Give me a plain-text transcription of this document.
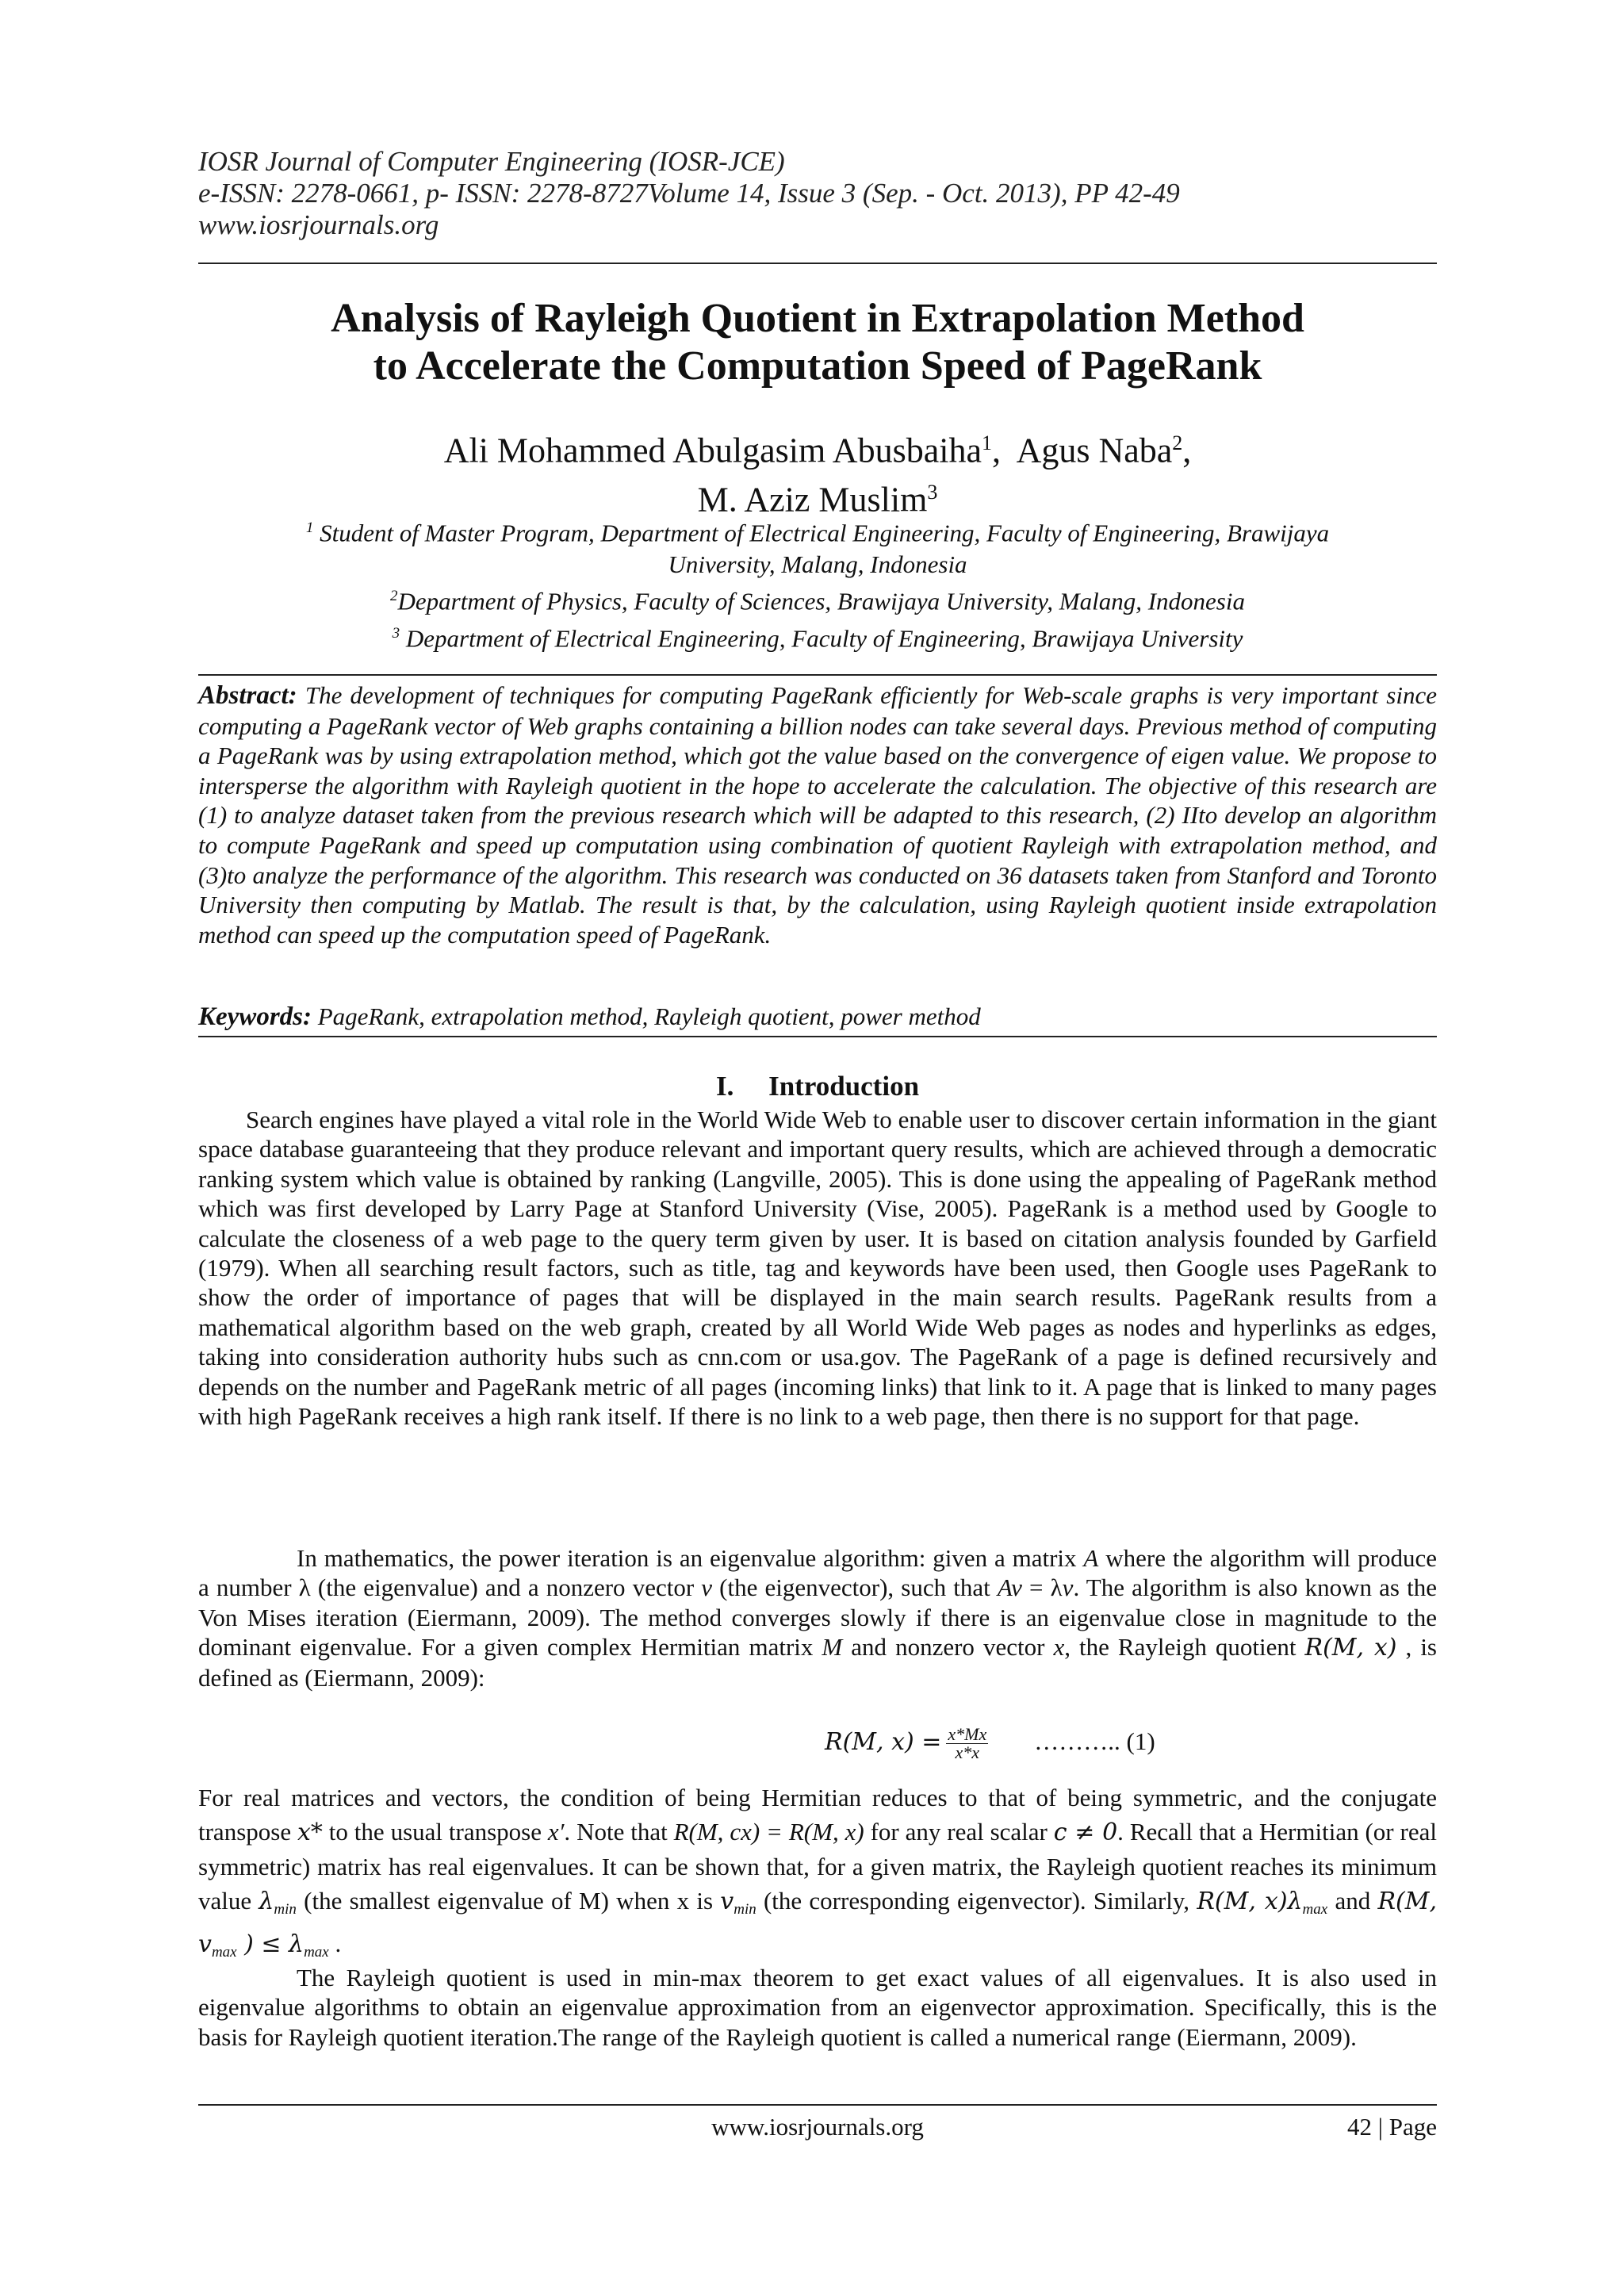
IOSR Journal of Computer Engineering (IOSR-JCE)
e-ISSN: 2278-0661, p- ISSN: 2278-8727Volume 14, Issue 3 (Sep. - Oct. 2013), PP 42-49
www.iosrjournals.org
Analysis of Rayleigh Quotient in Extrapolation Method
to Accelerate the Computation Speed of PageRank
Ali Mohammed Abulgasim Abusbaiha$^1$,  Agus Naba$^2$,
M. Aziz Muslim$^3$
$^1$ Student of Master Program, Department of Electrical Engineering, Faculty of Engineering, Brawijaya
University, Malang, Indonesia
$^2$Department of Physics, Faculty of Sciences, Brawijaya University, Malang, Indonesia
$^3$ Department of Electrical Engineering, Faculty of Engineering, Brawijaya University
Abstract: The development of techniques for computing PageRank efficiently for Web-scale graphs is very important since computing a PageRank vector of Web graphs containing a billion nodes can take several days. Previous method of computing a PageRank was by using extrapolation method, which got the value based on the convergence of eigen value. We propose to intersperse the algorithm with Rayleigh quotient in the hope to accelerate the calculation. The objective of this research are (1) to analyze dataset taken from the previous research which will be adapted to this research, (2) IIto develop an algorithm to compute PageRank and speed up computation using combination of quotient Rayleigh with extrapolation method, and (3)to analyze the performance of the algorithm. This research was conducted on 36 datasets taken from Stanford and Toronto University then computing by Matlab. The result is that, by the calculation, using Rayleigh quotient inside extrapolation method can speed up the computation speed of PageRank.
Keywords: PageRank, extrapolation method, Rayleigh quotient, power method
I. Introduction
Search engines have played a vital role in the World Wide Web to enable user to discover certain information in the giant space database guaranteeing that they produce relevant and important query results, which are achieved through a democratic ranking system which value is obtained by ranking (Langville, 2005). This is done using the appealing of PageRank method which was first developed by Larry Page at Stanford University (Vise, 2005). PageRank is a method used by Google to calculate the closeness of a web page to the query term given by user. It is based on citation analysis founded by Garfield (1979). When all searching result factors, such as title, tag and keywords have been used, then Google uses PageRank to show the order of importance of pages that will be displayed in the main search results. PageRank results from a mathematical algorithm based on the web graph, created by all World Wide Web pages as nodes and hyperlinks as edges, taking into consideration authority hubs such as cnn.com or usa.gov. The PageRank of a page is defined recursively and depends on the number and PageRank metric of all pages (incoming links) that link to it. A page that is linked to many pages with high PageRank receives a high rank itself. If there is no link to a web page, then there is no support for that page.
In mathematics, the power iteration is an eigenvalue algorithm: given a matrix A where the algorithm will produce a number λ (the eigenvalue) and a nonzero vector v (the eigenvector), such that Av = λv. The algorithm is also known as the Von Mises iteration (Eiermann, 2009). The method converges slowly if there is an eigenvalue close in magnitude to the dominant eigenvalue. For a given complex Hermitian matrix M and nonzero vector x, the Rayleigh quotient R(M, x) , is defined as (Eiermann, 2009):
R(M, $x) = \frac{x*Mx}{x*x}$ ……….. (1)
For real matrices and vectors, the condition of being Hermitian reduces to that of being symmetric, and the conjugate transpose x* to the usual transpose x′. Note that R(M, cx) = R(M, x) for any real scalar c ≠ 0. Recall that a Hermitian (or real symmetric) matrix has real eigenvalues. It can be shown that, for a given matrix, the Rayleigh quotient reaches its minimum value $\lambda_{min}$ (the smallest eigenvalue of M) when x is $v_{min}$ (the corresponding eigenvector). Similarly, R(M, $x)\lambda_{max}$ and R(M, $v_{max}$ ) ≤ $\lambda_{max}$ .
The Rayleigh quotient is used in min-max theorem to get exact values of all eigenvalues. It is also used in eigenvalue algorithms to obtain an eigenvalue approximation from an eigenvector approximation. Specifically, this is the basis for Rayleigh quotient iteration.The range of the Rayleigh quotient is called a numerical range (Eiermann, 2009).
www.iosrjournals.org	42 | Page
